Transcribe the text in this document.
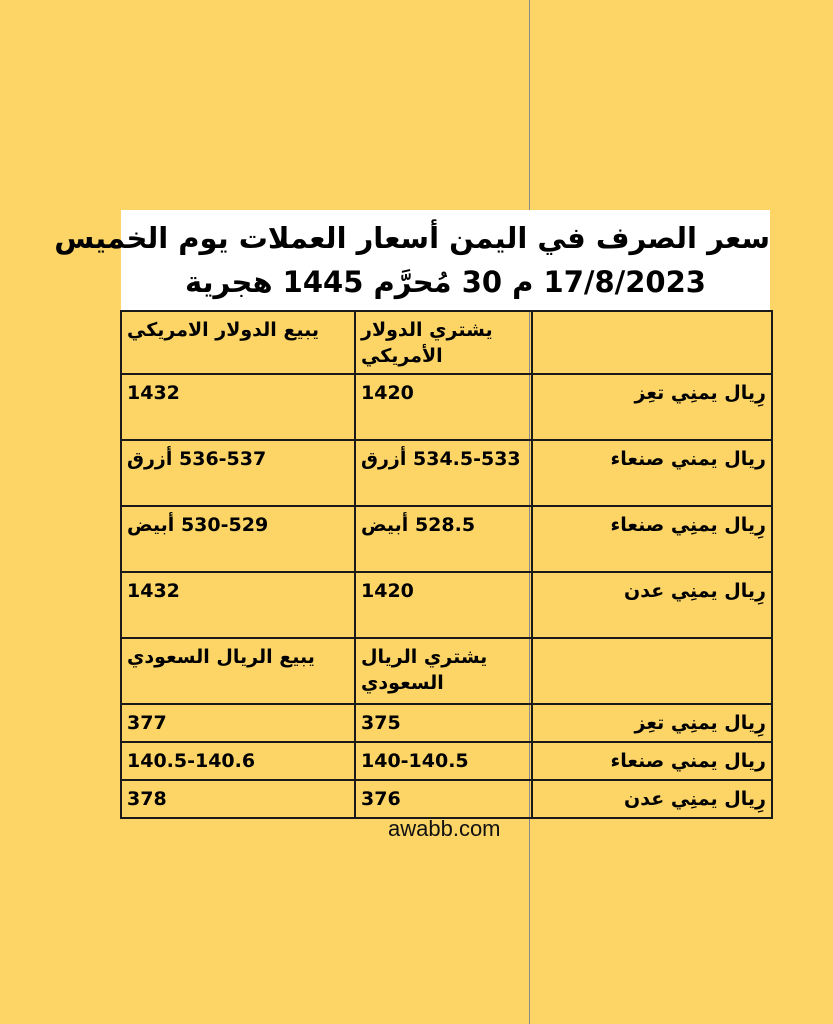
سعر الصرف في اليمن أسعار العملات يوم الخميس
17/8/2023 م 30 مُحرَّم 1445 هجرية

	يشتري الدولار الأمريكي	يبيع الدولار الامريكي
رِيال يمنِي تعِز	1420	1432
ريال يمني صنعاء	534.5-533 أزرق	536-537 أزرق
رِيال يمنِي صنعاء	528.5 أبيض	530-529 أبيض
رِيال يمنِي عدن	1420	1432

	يشتري الريال السعودي	يبيع الريال السعودي
رِيال يمنِي تعِز	375	377
ريال يمني صنعاء	140-140.5	140.5-140.6
رِيال يمنِي عدن	376	378
awabb.com
